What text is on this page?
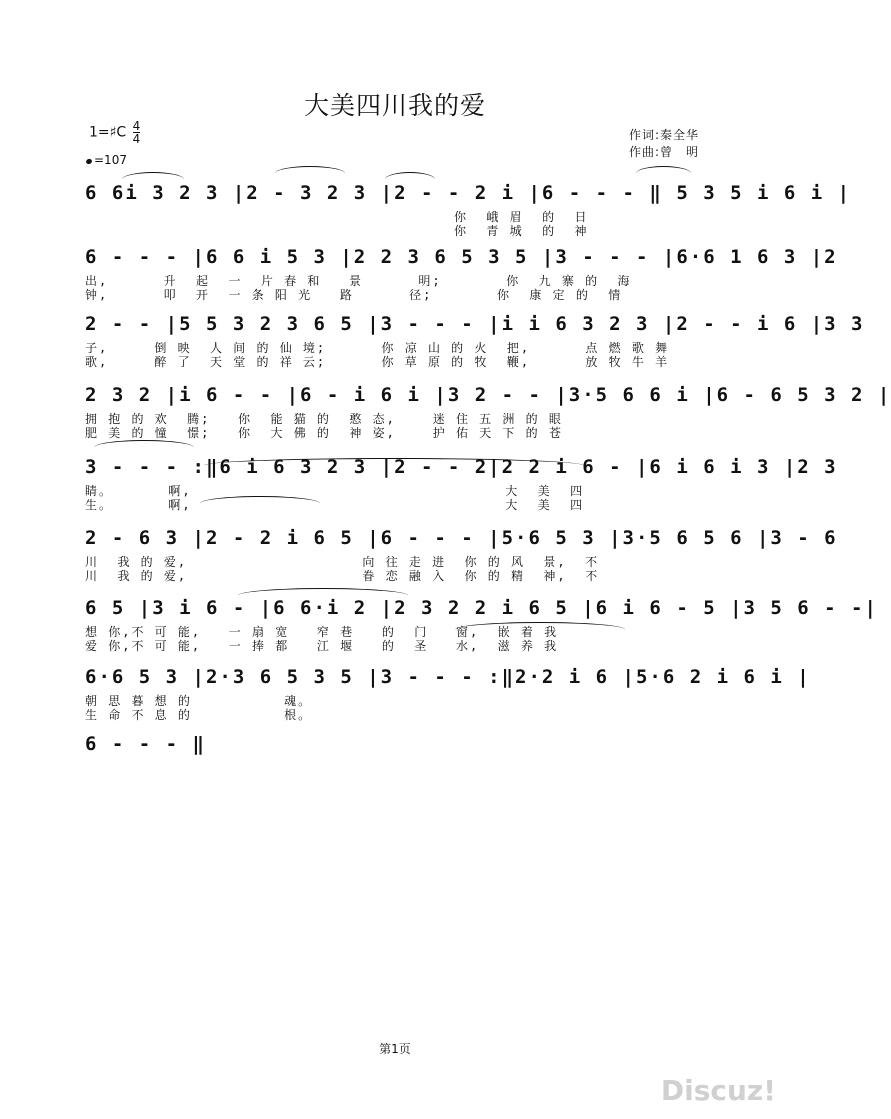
大美四川我的爱
1=♯C $\frac{4}{4}$
=107
作词:秦全华
作曲:曾　明
6 6i 3 2 3 |2 - 3 2 3 |2 - - 2 i |6 - - - ‖ 5 3 5 i 6 i |
你  峨 眉  的  日
你  青 城  的  神
6 - - - |6 6 i 5 3 |2 2 3 6 5 3 5 |3 - - - |6·6 1 6 3 |2
出,      升  起  一  片 春 和   景      明;       你  九 寨 的  海
钟,      叩  开  一 条 阳 光   路      径;       你  康 定 的  情
2 - - |5 5 3 2 3 6 5 |3 - - - |i i 6 3 2 3 |2 - - i 6 |3 3
子,     倒 映  人 间 的 仙 境;      你 凉 山 的 火  把,      点 燃 歌 舞
歌,     醉 了  天 堂 的 祥 云;      你 草 原 的 牧  鞭,      放 牧 牛 羊
2 3 2 |i 6 - - |6 - i 6 i |3 2 - - |3·5 6 6 i |6 - 6 5 3 2 |
拥 抱 的 欢  腾;   你  能 猫 的  憨 态,    迷 住 五 洲 的 眼
肥 美 的 憧  憬;   你  大 佛 的  神 姿,    护 佑 天 下 的 苍
3 - - - :‖6 i 6 3 2 3 |2 - - 2|2 2 i 6 - |6 i 6 i 3 |2 3
睛。      啊,                                  大  美  四
生。      啊,                                  大  美  四
2 - 6 3 |2 - 2 i 6 5 |6 - - - |5·6 5 3 |3·5 6 5 6 |3 - 6
川  我 的 爱,                   向 往 走 进  你 的 风  景,  不
川  我 的 爱,                   眷 恋 融 入  你 的 精  神,  不
6 5 |3 i 6 - |6 6·i 2 |2 3 2 2 i 6 5 |6 i 6 - 5 |3 5 6 - -|
想 你,不 可 能,   一 扇 宽   窄 巷   的  门   窗,  嵌 着 我
爱 你,不 可 能,   一 捧 都   江 堰   的  圣   水,  滋 养 我
6·6 5 3 |2·3 6 5 3 5 |3 - - - :‖2·2 i 6 |5·6 2 i 6 i |
朝 思 暮 想 的          魂。
生 命 不 息 的          根。
6 - - - ‖
第1页
Discuz!
